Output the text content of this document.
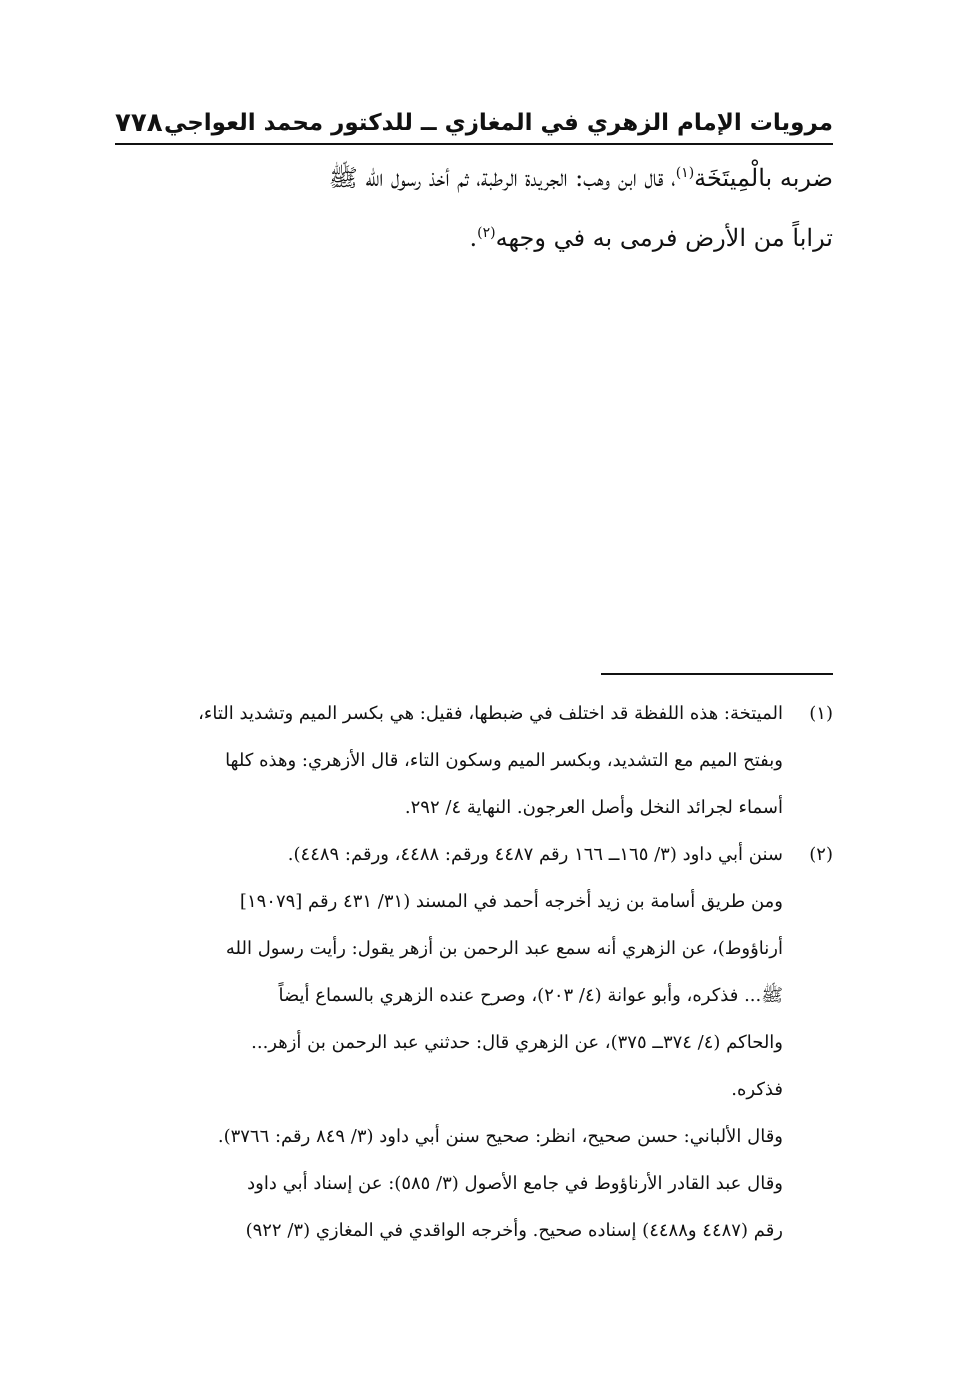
مرويات الإمام الزهري في المغازي ــ للدكتور محمد العواجي
٧٧٨
ضربه بالْمِيتَخَة$^{(١)}$، قال ابن وهب: الجريدة الرطبة، ثم أخذ رسول الله ﷺ
تراباً من الأرض فرمى به في وجهه$^{(٢)}$.
(١)
الميتخة: هذه اللفظة قد اختلف في ضبطها، فقيل: هي بكسر الميم وتشديد التاء،
وبفتح الميم مع التشديد، وبكسر الميم وسكون التاء، قال الأزهري: وهذه كلها
أسماء لجرائد النخل وأصل العرجون. النهاية ٤/ ٢٩٢.
(٢)
سنن أبي داود (٣/ ١٦٥ــ ١٦٦ رقم ٤٤٨٧ ورقم: ٤٤٨٨، ورقم: ٤٤٨٩).
ومن طريق أسامة بن زيد أخرجه أحمد في المسند (٣١/ ٤٣١ رقم [١٩٠٧٩]
أرناؤوط)، عن الزهري أنه سمع عبد الرحمن بن أزهر يقول: رأيت رسول الله
ﷺ... فذكره، وأبو عوانة (٤/ ٢٠٣)، وصرح عنده الزهري بالسماع أيضاً
والحاكم (٤/ ٣٧٤ــ ٣٧٥)، عن الزهري قال: حدثني عبد الرحمن بن أزهر...
فذكره.
وقال الألباني: حسن صحيح، انظر: صحيح سنن أبي داود (٣/ ٨٤٩ رقم: ٣٧٦٦).
وقال عبد القادر الأرناؤوط في جامع الأصول (٣/ ٥٨٥): عن إسناد أبي داود
رقم (٤٤٨٧ و٤٤٨٨) إسناده صحيح. وأخرجه الواقدي في المغازي (٣/ ٩٢٢)
